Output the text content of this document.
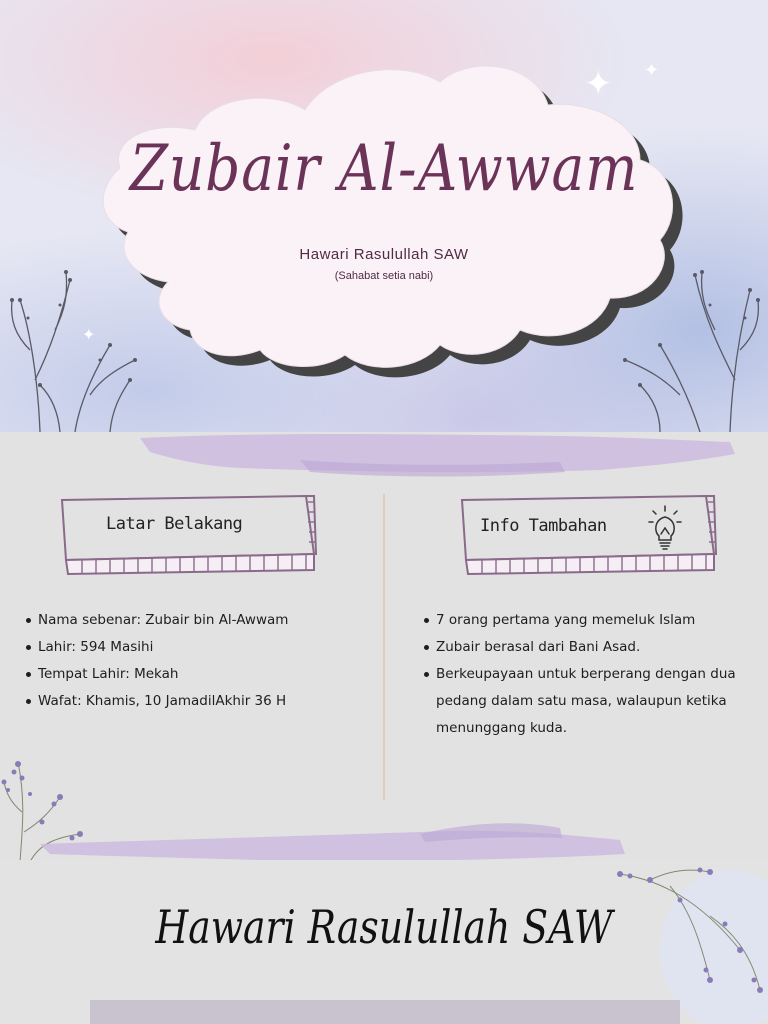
✦ ✦
✦
Zubair Al-Awwam
Hawari Rasulullah SAW
(Sahabat setia nabi)
Latar Belakang	Info Tambahan
Nama sebenar: Zubair bin Al-Awwam
Lahir: 594 Masihi
Tempat Lahir: Mekah
Wafat: Khamis, 10 JamadilAkhir 36 H
7 orang pertama yang memeluk Islam
Zubair berasal dari Bani Asad.
Berkeupayaan untuk berperang dengan dua pedang dalam satu masa, walaupun ketika menunggang kuda.
Hawari Rasulullah SAW
